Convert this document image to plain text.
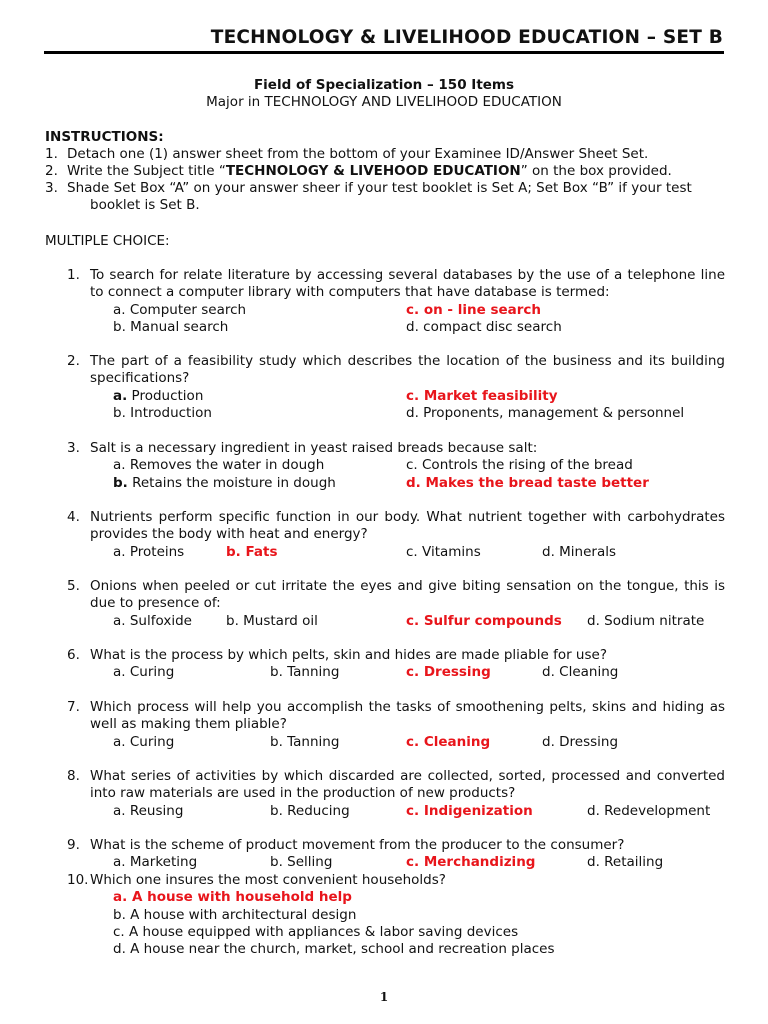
TECHNOLOGY & LIVELIHOOD EDUCATION – SET B
Field of Specialization – 150 Items
Major in TECHNOLOGY AND LIVELIHOOD EDUCATION
INSTRUCTIONS:
1. Detach one (1) answer sheet from the bottom of your Examinee ID/Answer Sheet Set.
2. Write the Subject title “TECHNOLOGY & LIVEHOOD EDUCATION” on the box provided.
3. Shade Set Box “A” on your answer sheer if your test booklet is Set A; Set Box “B” if your test
booklet is Set B.
MULTIPLE CHOICE:
1. To search for relate literature by accessing several databases by the use of a telephone line to connect a computer library with computers that have database is termed:
a. Computer search	c. on - line search
b. Manual search	d. compact disc search
2. The part of a feasibility study which describes the location of the business and its building specifications?
a. Production	c. Market feasibility
b. Introduction	d. Proponents, management & personnel
3. Salt is a necessary ingredient in yeast raised breads because salt:
a. Removes the water in dough	c. Controls the rising of the bread
b. Retains the moisture in dough	d. Makes the bread taste better
4. Nutrients perform specific function in our body. What nutrient together with carbohydrates provides the body with heat and energy?
a. Proteins	b. Fats	c. Vitamins	d. Minerals
5. Onions when peeled or cut irritate the eyes and give biting sensation on the tongue, this is due to presence of:
a. Sulfoxide	b. Mustard oil	c. Sulfur compounds d. Sodium nitrate
6. What is the process by which pelts, skin and hides are made pliable for use?
a. Curing	b. Tanning	c. Dressing	d. Cleaning
7. Which process will help you accomplish the tasks of smoothening pelts, skins and hiding as well as making them pliable?
a. Curing	b. Tanning	c. Cleaning	d. Dressing
8. What series of activities by which discarded are collected, sorted, processed and converted into raw materials are used in the production of new products?
a. Reusing	b. Reducing	c. Indigenization	d. Redevelopment
9. What is the scheme of product movement from the producer to the consumer?
a. Marketing	b. Selling	c. Merchandizing	d. Retailing
10. Which one insures the most convenient households?
a. A house with household help
b. A house with architectural design
c. A house equipped with appliances & labor saving devices
d. A house near the church, market, school and recreation places
1
